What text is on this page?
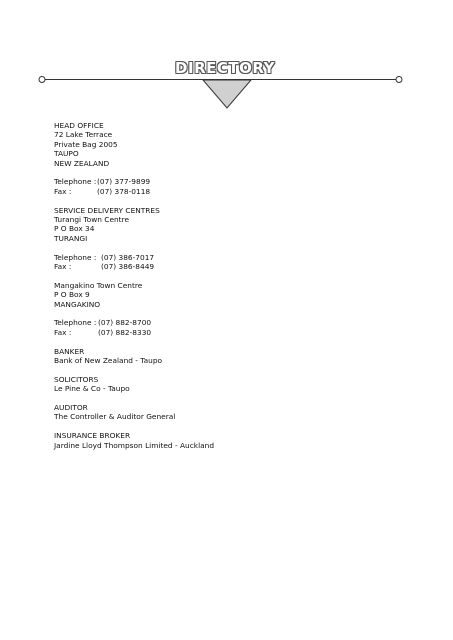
DIRECTORY
HEAD OFFICE
72 Lake Terrace
Private Bag 2005
TAUPO
NEW ZEALAND
Telephone : (07) 377-9899
Fax :	(07) 378-0118
SERVICE DELIVERY CENTRES
Turangi Town Centre
P O Box 34
TURANGI
Telephone : (07) 386-7017
Fax :	(07) 386-8449
Mangakino Town Centre
P O Box 9
MANGAKINO
Telephone : (07) 882-8700
Fax :	(07) 882-8330
BANKER
Bank of New Zealand - Taupo
SOLICITORS
Le Pine & Co - Taupo
AUDITOR
The Controller & Auditor General
INSURANCE BROKER
Jardine Lloyd Thompson Limited - Auckland
